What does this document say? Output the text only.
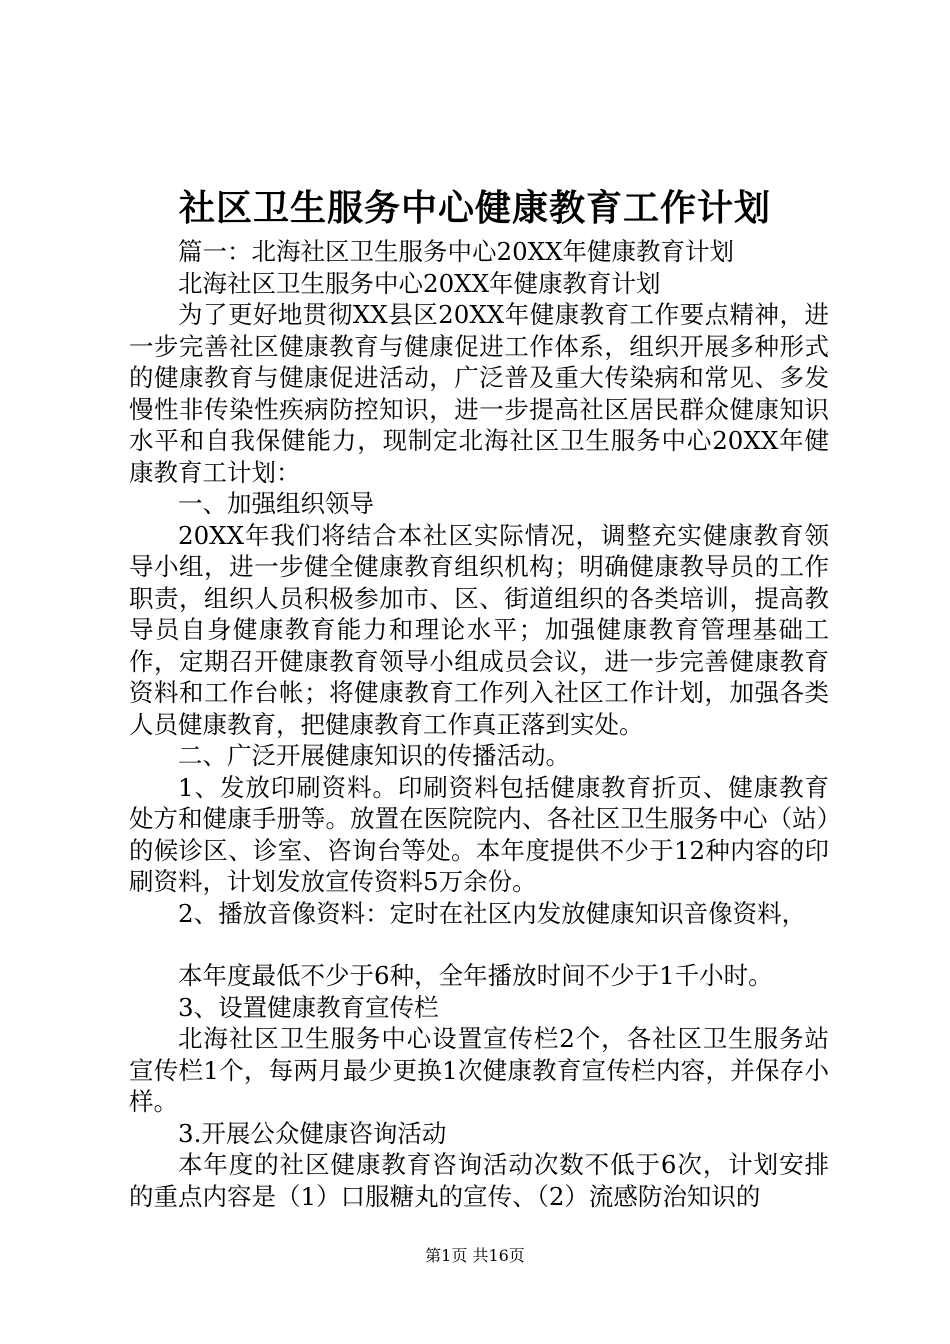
社区卫生服务中心健康教育工作计划

篇一：北海社区卫生服务中心20XX年健康教育计划

北海社区卫生服务中心20XX年健康教育计划

为了更好地贯彻XX县区20XX年健康教育工作要点精神，进一步完善社区健康教育与健康促进工作体系，组织开展多种形式的健康教育与健康促进活动，广泛普及重大传染病和常见、多发慢性非传染性疾病防控知识，进一步提高社区居民群众健康知识水平和自我保健能力，现制定北海社区卫生服务中心20XX年健康教育工计划：

一、加强组织领导

20XX年我们将结合本社区实际情况，调整充实健康教育领导小组，进一步健全健康教育组织机构；明确健康教导员的工作职责，组织人员积极参加市、区、街道组织的各类培训，提高教导员自身健康教育能力和理论水平；加强健康教育管理基础工作，定期召开健康教育领导小组成员会议，进一步完善健康教育资料和工作台帐；将健康教育工作列入社区工作计划，加强各类人员健康教育，把健康教育工作真正落到实处。

二、广泛开展健康知识的传播活动。

1、发放印刷资料。印刷资料包括健康教育折页、健康教育处方和健康手册等。放置在医院院内、各社区卫生服务中心（站）的候诊区、诊室、咨询台等处。本年度提供不少于12种内容的印刷资料，计划发放宣传资料5万余份。

2、播放音像资料：定时在社区内发放健康知识音像资料，

本年度最低不少于6种，全年播放时间不少于1千小时。

3、设置健康教育宣传栏

北海社区卫生服务中心设置宣传栏2个，各社区卫生服务站宣传栏1个，每两月最少更换1次健康教育宣传栏内容，并保存小样。

3.开展公众健康咨询活动

本年度的社区健康教育咨询活动次数不低于6次，计划安排的重点内容是（1）口服糖丸的宣传、（2）流感防治知识的

第1页 共16页
